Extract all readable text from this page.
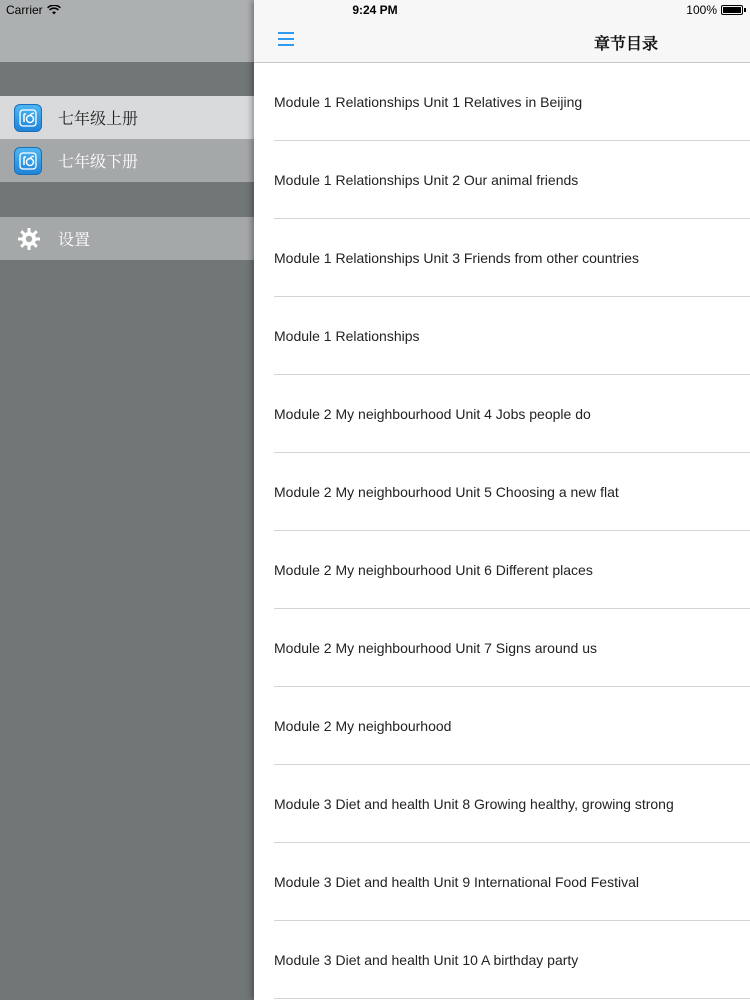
Carrier	9:24 PM	100%
七年级上册
七年级下册
设置
章节目录
Module 1 Relationships Unit 1 Relatives in Beijing
Module 1 Relationships Unit 2 Our animal friends
Module 1 Relationships Unit 3 Friends from other countries
Module 1 Relationships
Module 2 My neighbourhood Unit 4 Jobs people do
Module 2 My neighbourhood Unit 5 Choosing a new flat
Module 2 My neighbourhood Unit 6 Different places
Module 2 My neighbourhood Unit 7 Signs around us
Module 2 My neighbourhood
Module 3 Diet and health Unit 8 Growing healthy, growing strong
Module 3 Diet and health Unit 9 International Food Festival
Module 3 Diet and health Unit 10 A birthday party
